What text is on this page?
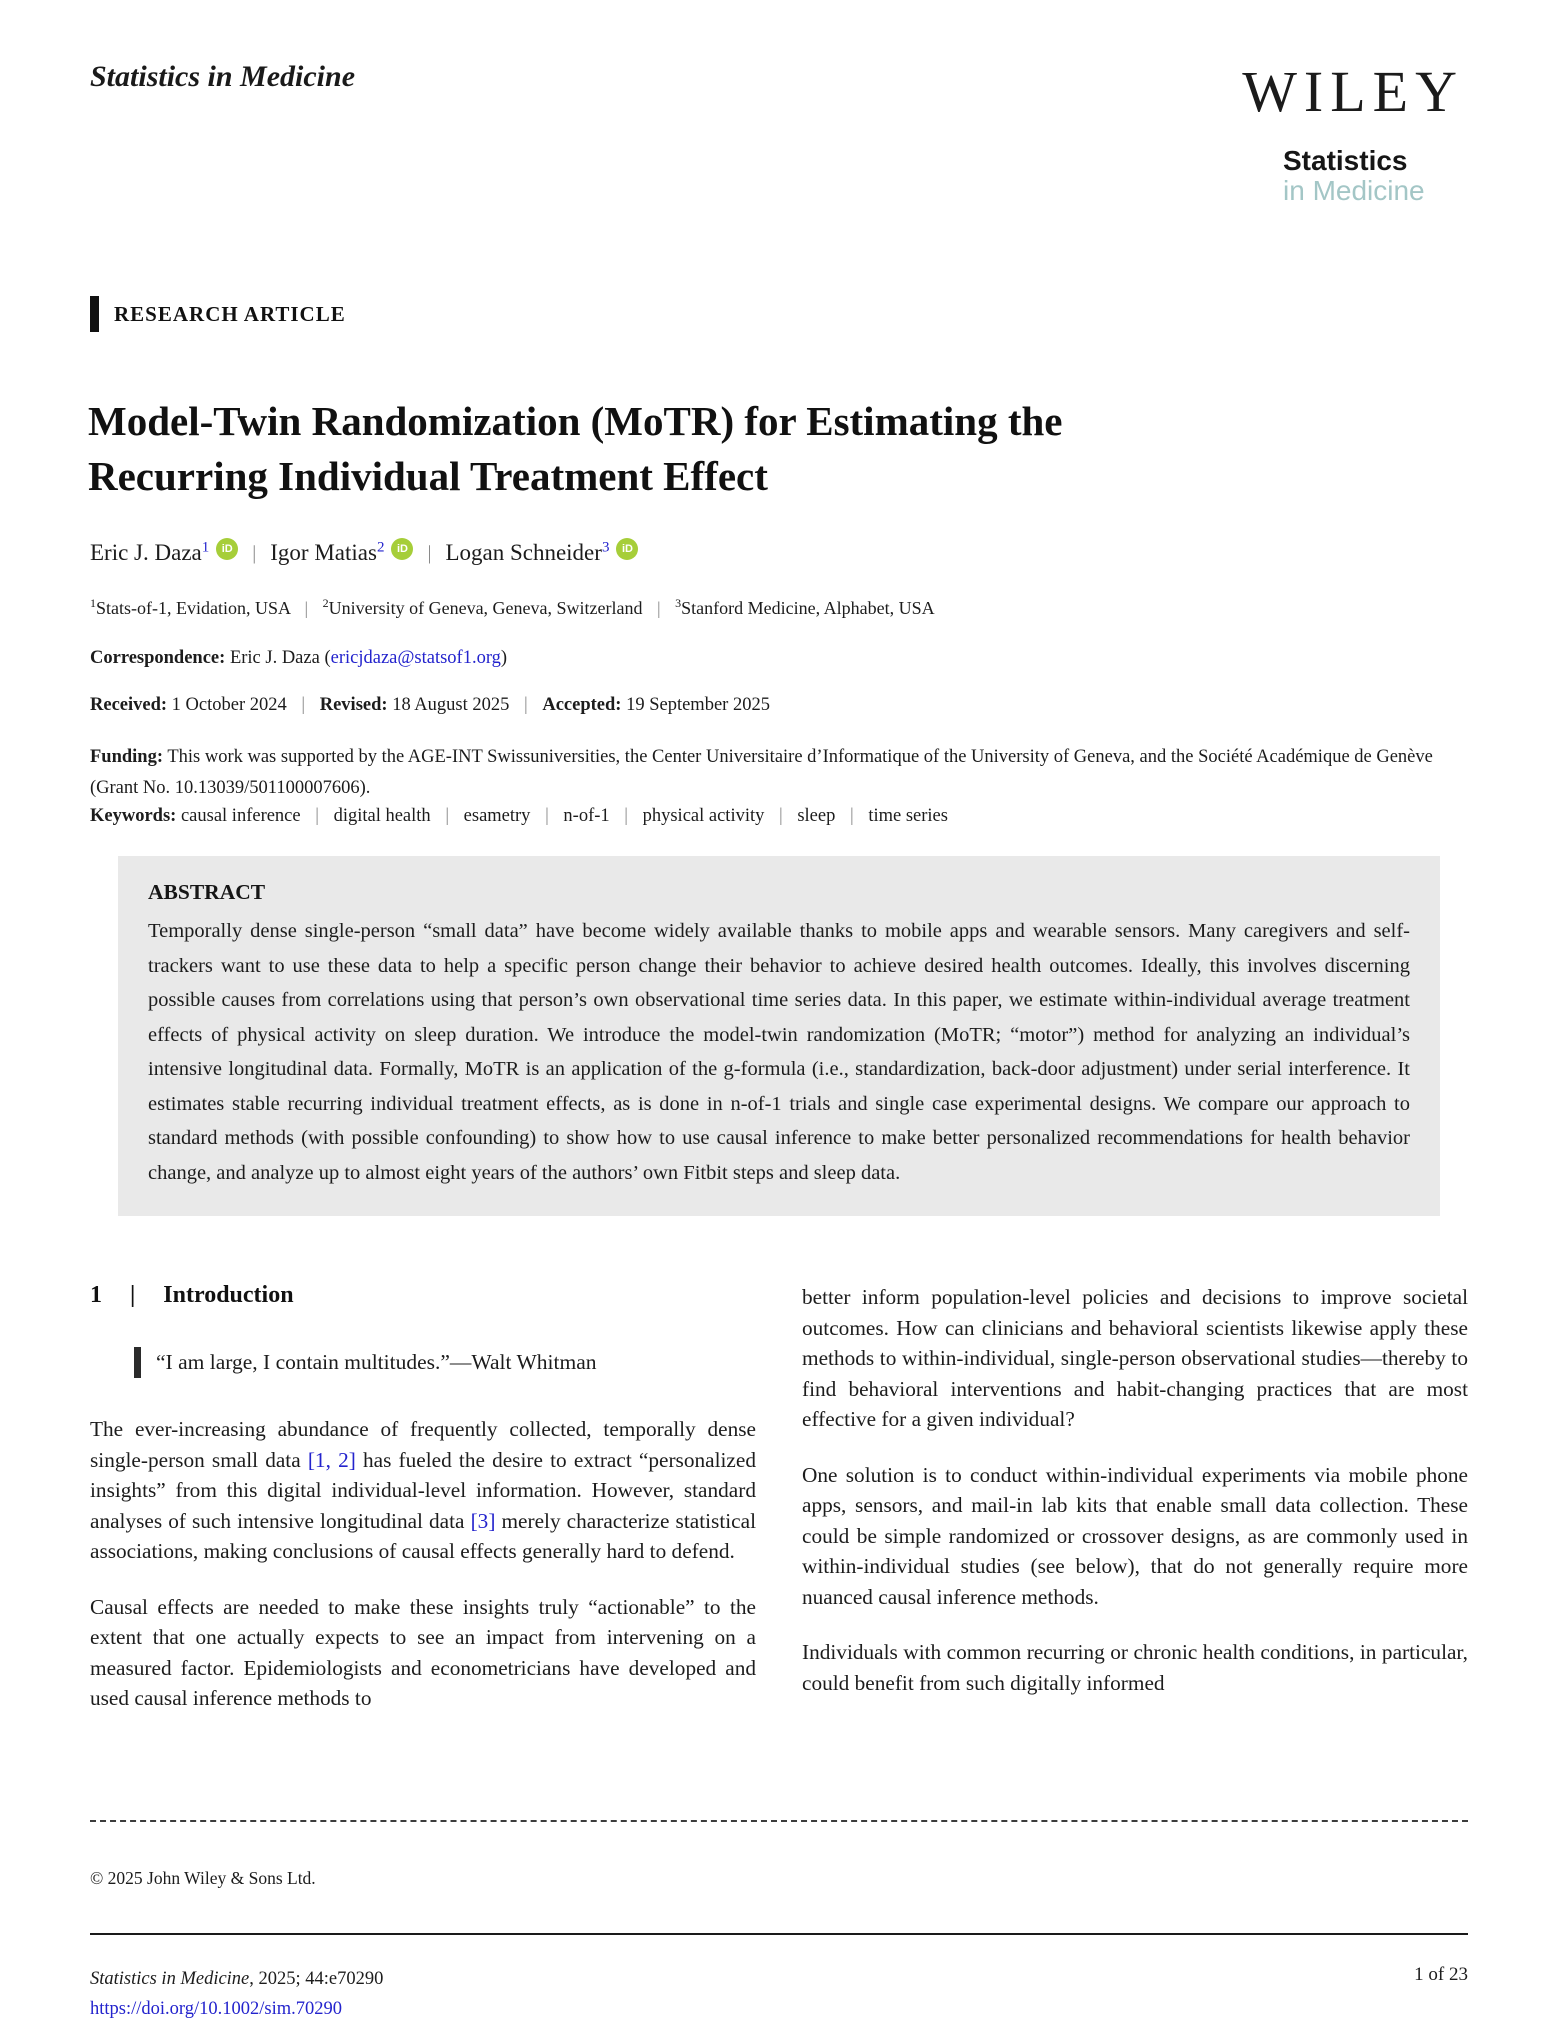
Statistics in Medicine	WILEY
Statistics
in Medicine
RESEARCH ARTICLE
Model-Twin Randomization (MoTR) for Estimating the
Recurring Individual Treatment Effect
Eric J. Daza$^1$	iD | Igor Matias$^2$	iD | Logan Schneider$^3$	iD
$^1$Stats-of-1, Evidation, USA | $^2$University of Geneva, Geneva, Switzerland | $^3$Stanford Medicine, Alphabet, USA
Correspondence: Eric J. Daza (ericjdaza@statsof1.org)
Received: 1 October 2024 | Revised: 18 August 2025 | Accepted: 19 September 2025
Funding: This work was supported by the AGE-INT Swissuniversities, the Center Universitaire d’Informatique of the University of Geneva, and the Société Académique de Genève (Grant No. 10.13039/501100007606).
Keywords: causal inference | digital health | esametry | n-of-1 | physical activity | sleep | time series
ABSTRACT
Temporally dense single-person “small data” have become widely available thanks to mobile apps and wearable sensors. Many caregivers and self-trackers want to use these data to help a specific person change their behavior to achieve desired health outcomes. Ideally, this involves discerning possible causes from correlations using that person’s own observational time series data. In this paper, we estimate within-individual average treatment effects of physical activity on sleep duration. We introduce the model-twin randomization (MoTR; “motor”) method for analyzing an individual’s intensive longitudinal data. Formally, MoTR is an application of the g-formula (i.e., standardization, back-door adjustment) under serial interference. It estimates stable recurring individual treatment effects, as is done in n-of-1 trials and single case experimental designs. We compare our approach to standard methods (with possible confounding) to show how to use causal inference to make better personalized recommendations for health behavior change, and analyze up to almost eight years of the authors’ own Fitbit steps and sleep data.
1 | Introduction
“I am large, I contain multitudes.”—Walt Whitman

The ever-increasing abundance of frequently collected, temporally dense single-person small data [1, 2] has fueled the desire to extract “personalized insights” from this digital individual-level information. However, standard analyses of such intensive longitudinal data [3] merely characterize statistical associations, making conclusions of causal effects generally hard to defend.

Causal effects are needed to make these insights truly “actionable” to the extent that one actually expects to see an impact from intervening on a measured factor. Epidemiologists and econometricians have developed and used causal inference methods to

better inform population-level policies and decisions to improve societal outcomes. How can clinicians and behavioral scientists likewise apply these methods to within-individual, single-person observational studies—thereby to find behavioral interventions and habit-changing practices that are most effective for a given individual?

One solution is to conduct within-individual experiments via mobile phone apps, sensors, and mail-in lab kits that enable small data collection. These could be simple randomized or crossover designs, as are commonly used in within-individual studies (see below), that do not generally require more nuanced causal inference methods.

Individuals with common recurring or chronic health conditions, in particular, could benefit from such digitally informed

© 2025 John Wiley & Sons Ltd.
Statistics in Medicine, 2025; 44:e70290
https://doi.org/10.1002/sim.70290
1 of 23
